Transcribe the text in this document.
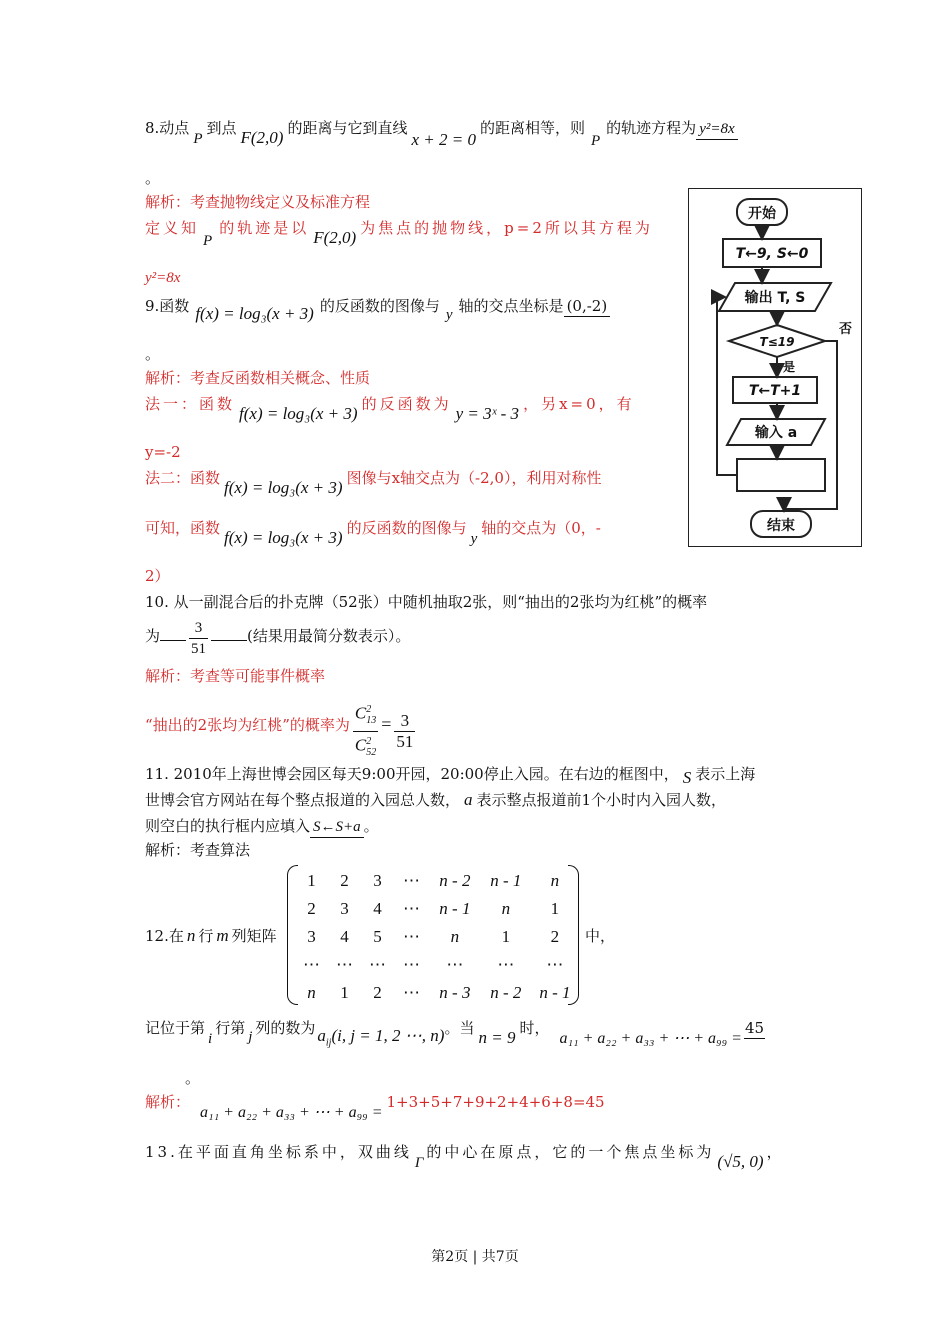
8.动点P到点 F(2,0) 的距离与它到直线x + 2 = 0的距离相等，则P的轨迹方程为 y²=8x
。
解析：考查抛物线定义及标准方程
定义知P的轨迹是以 F(2,0) 为焦点的抛物线，p=2所以其方程为
y²=8x
9.函数 f(x) = log₃(x + 3) 的反函数的图像与 y 轴的交点坐标是 (0,-2)
。
解析：考查反函数相关概念、性质
法一：函数 f(x) = log₃(x + 3) 的反函数为 y = 3ˣ - 3 ，另x=0，有
y=-2
法二：函数 f(x) = log₃(x + 3) 图像与x轴交点为（-2,0），利用对称性
可知，函数 f(x) = log₃(x + 3) 的反函数的图像与y轴的交点为（0，-
2）
10. 从一副混合后的扑克牌（52张）中随机抽取2张，则“抽出的2张均为红桃”的概率
为 $\frac{3}{51}$	(结果用最简分数表示）。
解析：考查等可能事件概率
“抽出的2张均为红桃”的概率为 $\frac{C^2_{13}}{C^2_{52}} = \frac{3}{51}$
11. 2010年上海世博会园区每天9:00开园，20:00停止入园。在右边的框图中， S 表示上海
世博会官方网站在每个整点报道的入园总人数， a 表示整点报道前1个小时内入园人数，
则空白的执行框内应填入 S←S+a 。
解析：考查算法
12.在 n 行 m 列矩阵	中，
1	2	3	⋯	n - 2	n - 1	n
2	3	4	⋯	n - 1	n	1
3	4	5	⋯	n	1	2
⋯	⋯	⋯	⋯	⋯	⋯	⋯
n	1	2	⋯	n - 3	n - 2	n - 1
记位于第i行第 j 列的数为 $a_{ij}(i$, j = 1, 2 ⋯, n)。当 n = 9 时，a₁₁ + a₂₂ + a₃₃ + ⋯ + a₉₉ =45
。
解析：a₁₁ + a₂₂ + a₃₃ + ⋯ + a₉₉ =1+3+5+7+9+2+4+6+8=45
13.在平面直角坐标系中，双曲线Γ的中心在原点，它的一个焦点坐标为 (√5, 0) ，
开始
T←9, S←0
输出 T, S
T≤19
是
否
T←T+1
输入 a
结束
第2页 | 共7页
